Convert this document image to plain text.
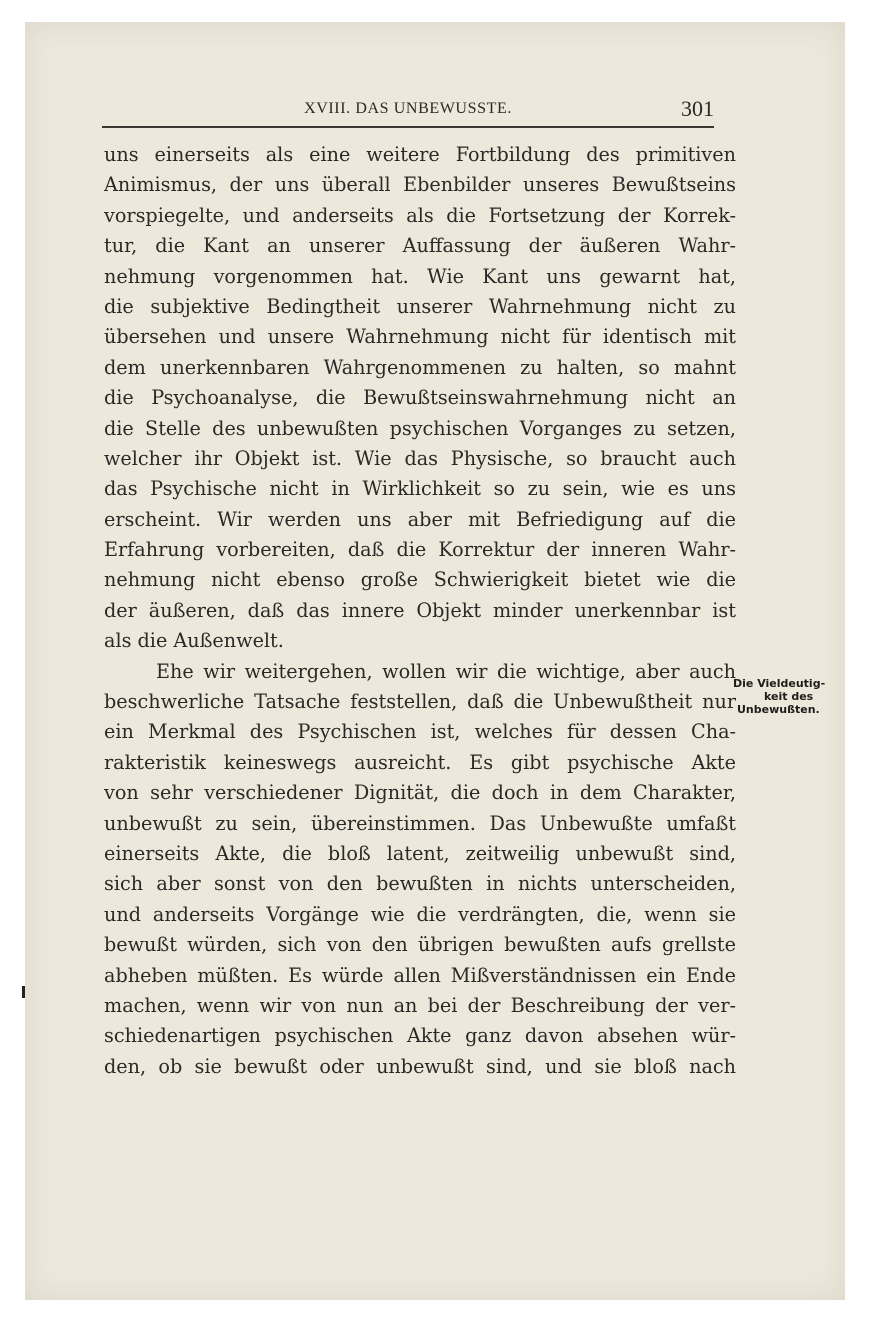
XVIII. DAS UNBEWUSSTE.	301
uns einerseits als eine weitere Fortbildung des primitiven
Animismus, der uns überall Ebenbilder unseres Bewußtseins
vorspiegelte, und anderseits als die Fortsetzung der Korrek-
tur, die Kant an unserer Auffassung der äußeren Wahr-
nehmung vorgenommen hat. Wie Kant uns gewarnt hat,
die subjektive Bedingtheit unserer Wahrnehmung nicht zu
übersehen und unsere Wahrnehmung nicht für identisch mit
dem unerkennbaren Wahrgenommenen zu halten, so mahnt
die Psychoanalyse, die Bewußtseinswahrnehmung nicht an
die Stelle des unbewußten psychischen Vorganges zu setzen,
welcher ihr Objekt ist. Wie das Physische, so braucht auch
das Psychische nicht in Wirklichkeit so zu sein, wie es uns
erscheint. Wir werden uns aber mit Befriedigung auf die
Erfahrung vorbereiten, daß die Korrektur der inneren Wahr-
nehmung nicht ebenso große Schwierigkeit bietet wie die
der äußeren, daß das innere Objekt minder unerkennbar ist
als die Außenwelt.
Ehe wir weitergehen, wollen wir die wichtige, aber auch
beschwerliche Tatsache feststellen, daß die Unbewußtheit nur
ein Merkmal des Psychischen ist, welches für dessen Cha-
rakteristik keineswegs ausreicht. Es gibt psychische Akte
von sehr verschiedener Dignität, die doch in dem Charakter,
unbewußt zu sein, übereinstimmen. Das Unbewußte umfaßt
einerseits Akte, die bloß latent, zeitweilig unbewußt sind,
sich aber sonst von den bewußten in nichts unterscheiden,
und anderseits Vorgänge wie die verdrängten, die, wenn sie
bewußt würden, sich von den übrigen bewußten aufs grellste
abheben müßten. Es würde allen Mißverständnissen ein Ende
machen, wenn wir von nun an bei der Beschreibung der ver-
schiedenartigen psychischen Akte ganz davon absehen wür-
den, ob sie bewußt oder unbewußt sind, und sie bloß nach
Die Vieldeutig-
keit des
Unbewußten.
